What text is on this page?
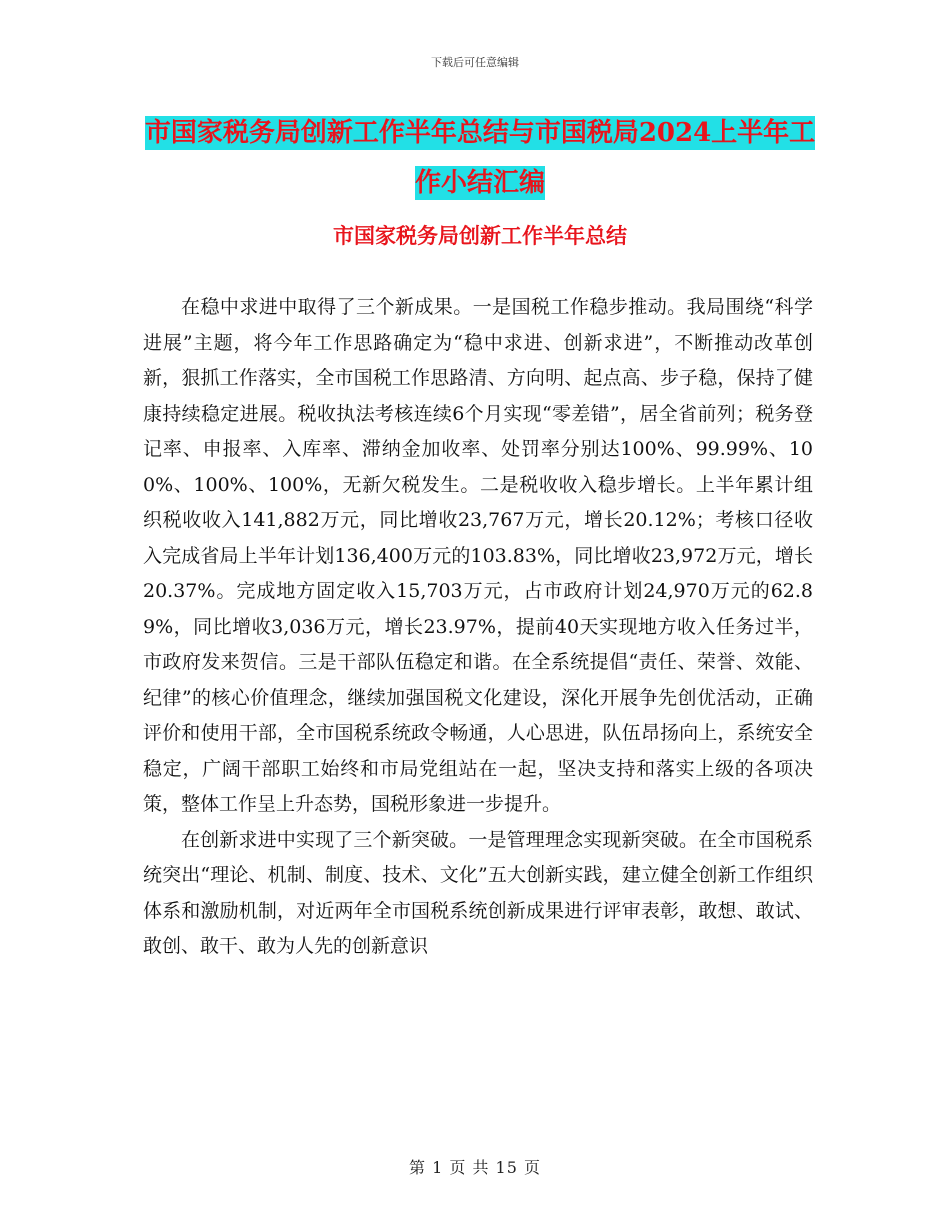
下载后可任意编辑
市国家税务局创新工作半年总结与市国税局2024上半年工作小结汇编
市国家税务局创新工作半年总结

在稳中求进中取得了三个新成果。一是国税工作稳步推动。我局围绕“科学进展”主题，将今年工作思路确定为“稳中求进、创新求进”，不断推动改革创新，狠抓工作落实，全市国税工作思路清、方向明、起点高、步子稳，保持了健康持续稳定进展。税收执法考核连续6个月实现“零差错”，居全省前列；税务登记率、申报率、入库率、滞纳金加收率、处罚率分别达100%、99.99%、100%、100%、100%，无新欠税发生。二是税收收入稳步增长。上半年累计组织税收收入141,882万元，同比增收23,767万元，增长20.12%；考核口径收入完成省局上半年计划136,400万元的103.83%，同比增收23,972万元，增长20.37%。完成地方固定收入15,703万元，占市政府计划24,970万元的62.89%，同比增收3,036万元，增长23.97%，提前40天实现地方收入任务过半，市政府发来贺信。三是干部队伍稳定和谐。在全系统提倡“责任、荣誉、效能、纪律”的核心价值理念，继续加强国税文化建设，深化开展争先创优活动，正确评价和使用干部，全市国税系统政令畅通，人心思进，队伍昂扬向上，系统安全稳定，广阔干部职工始终和市局党组站在一起，坚决支持和落实上级的各项决策，整体工作呈上升态势，国税形象进一步提升。

在创新求进中实现了三个新突破。一是管理理念实现新突破。在全市国税系统突出“理论、机制、制度、技术、文化”五大创新实践，建立健全创新工作组织体系和激励机制，对近两年全市国税系统创新成果进行评审表彰，敢想、敢试、敢创、敢干、敢为人先的创新意识

第 1 页 共 15 页
